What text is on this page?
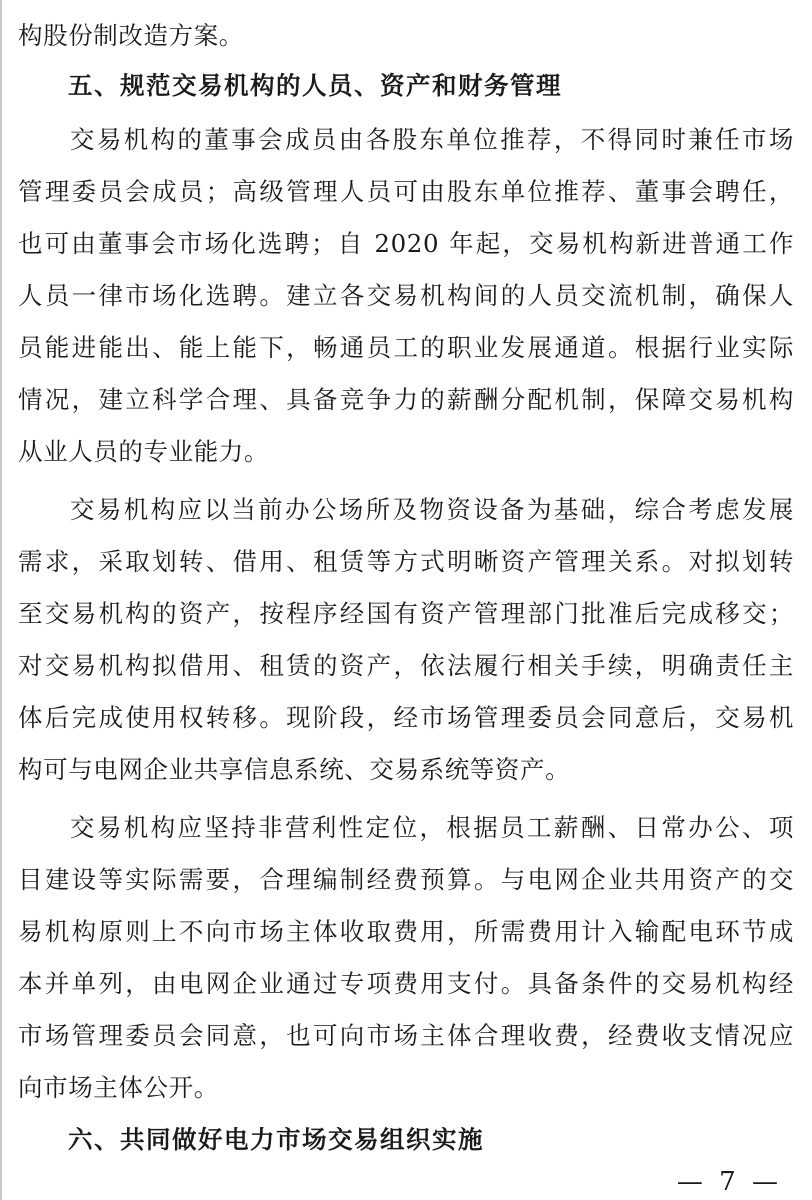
构股份制改造方案。
五、规范交易机构的人员、资产和财务管理
交易机构的董事会成员由各股东单位推荐，不得同时兼任市场
管理委员会成员；高级管理人员可由股东单位推荐、董事会聘任，
也可由董事会市场化选聘；自 2020 年起，交易机构新进普通工作
人员一律市场化选聘。建立各交易机构间的人员交流机制，确保人
员能进能出、能上能下，畅通员工的职业发展通道。根据行业实际
情况，建立科学合理、具备竞争力的薪酬分配机制，保障交易机构
从业人员的专业能力。
交易机构应以当前办公场所及物资设备为基础，综合考虑发展
需求，采取划转、借用、租赁等方式明晰资产管理关系。对拟划转
至交易机构的资产，按程序经国有资产管理部门批准后完成移交；
对交易机构拟借用、租赁的资产，依法履行相关手续，明确责任主
体后完成使用权转移。现阶段，经市场管理委员会同意后，交易机
构可与电网企业共享信息系统、交易系统等资产。
交易机构应坚持非营利性定位，根据员工薪酬、日常办公、项
目建设等实际需要，合理编制经费预算。与电网企业共用资产的交
易机构原则上不向市场主体收取费用，所需费用计入输配电环节成
本并单列，由电网企业通过专项费用支付。具备条件的交易机构经
市场管理委员会同意，也可向市场主体合理收费，经费收支情况应
向市场主体公开。
六、共同做好电力市场交易组织实施
— 7 —
